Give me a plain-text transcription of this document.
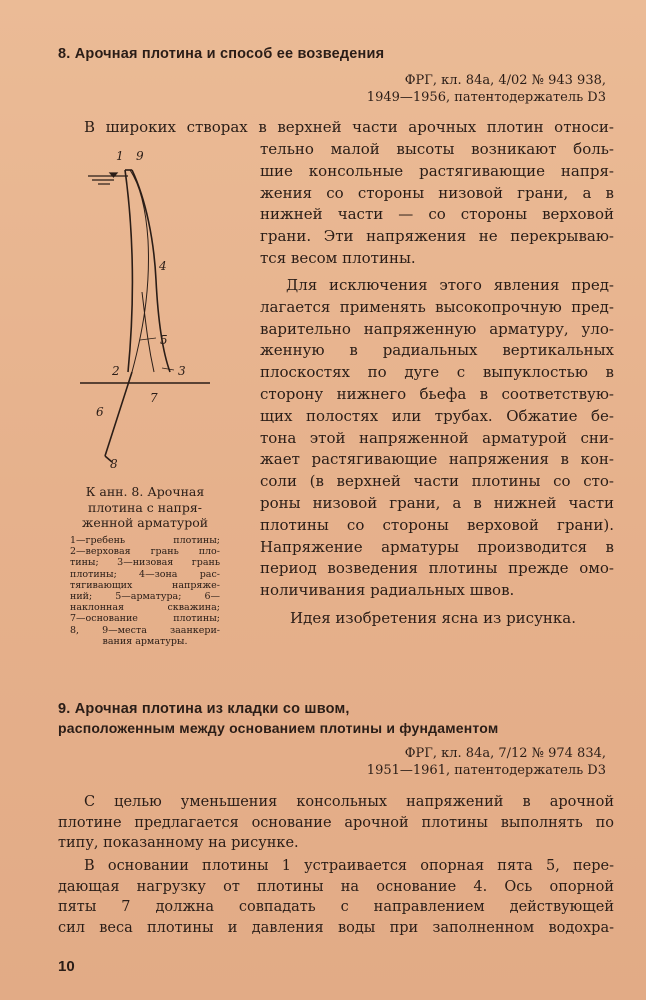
8. Арочная плотина и способ ее возведения
ФРГ, кл. 84а, 4/02 № 943 938,
1949—1956, патентодержатель D3
В широких створах в верхней части арочных плотин относи-
тельно малой высоты возникают боль-
шие консольные растягивающие напря-
жения со стороны низовой грани, а в
нижней части — со стороны верховой
грани. Эти напряжения не перекрываю-
тся весом плотины.
Для исключения этого явления пред-
лагается применять высокопрочную пред-
варительно напряженную арматуру, уло-
женную в радиальных вертикальных
плоскостях по дуге с выпуклостью в
сторону нижнего бьефа в соответствую-
щих полостях или трубах. Обжатие бе-
тона этой напряженной арматурой сни-
жает растягивающие напряжения в кон-
соли (в верхней части плотины со сто-
роны низовой грани, а в нижней части
плотины со стороны верховой грани).
Напряжение арматуры производится в
период возведения плотины прежде омо-
ноличивания радиальных швов.
Идея изобретения ясна из рисунка.
1 9
4
5
2	3
7
6
8
К анн. 8. Арочная
плотина с напря-
женной арматурой
1—гребень плотины;
2—верховая грань пло-
тины; 3—низовая грань
плотины; 4—зона рас-
тягивающих напряже-
ний; 5—арматура; 6—
наклонная скважина;
7—основание плотины;
8, 9—места заанкери-
вания арматуры.
9. Арочная плотина из кладки со швом,
расположенным между основанием плотины и фундаментом
ФРГ, кл. 84а, 7/12 № 974 834,
1951—1961, патентодержатель D3
С целью уменьшения консольных напряжений в арочной
плотине предлагается основание арочной плотины выполнять по
типу, показанному на рисунке.
В основании плотины 1 устраивается опорная пята 5, пере-
дающая нагрузку от плотины на основание 4. Ось опорной
пяты 7 должна совпадать с направлением действующей
сил веса плотины и давления воды при заполненном водохра-
10
